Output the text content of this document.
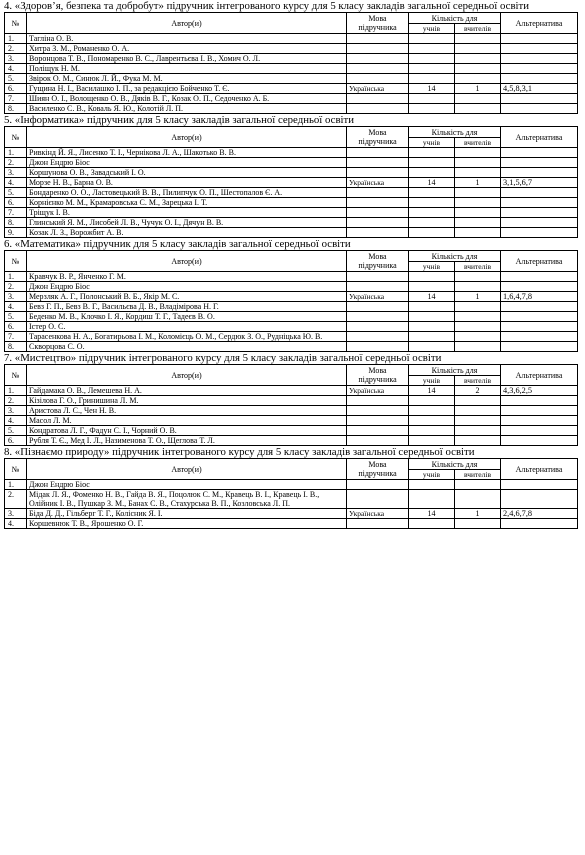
4. «Здоров’я, безпека та добробут» підручник інтегрованого курсу для 5 класу закладів загальної середньої освіти
№	Автор(и)	Мова підручника	Кількість для		Альтернатива
			учнів	вчителів	
1.	Тагліна О. В.				
2.	Хитра З. М., Романенко О. А.				
3.	Воронцова Т. В., Пономаренко В. С., Лаврентьєва І. В., Хомич О. Л.				
4.	Поліщук Н. М.				
5.	Звірок О. М., Синюк Л. Й., Фука М. М.				
6.	Гущина Н. І., Василашко І. П., за редакцією Бойченко Т. Є.	Українська	14	1	4,5,8,3,1
7.	Шиян О. І., Волощенко О. В., Дяків В. Г., Козак О. П., Седоченко А. Б.				
8.	Василенко С. В., Коваль Я. Ю., Колотій Л. П.				
5. «Інформатика» підручник для 5 класу закладів загальної середньої освіти
№	Автор(и)	Мова підручника	Кількість для		Альтернатива
			учнів	вчителів	
1.	Ривкінд Й. Я., Лисенко Т. І., Чернікова Л. А., Шакотько В. В.				
2.	Джон Ендрю Біос				
3.	Коршунова О. В., Завадський І. О.				
4.	Морзе Н. В., Барна О. В.	Українська	14	1	3,1,5,6,7
5.	Бондаренко О. О., Ластовецький В. В., Пилипчук О. П., Шестопалов Є. А.				
6.	Корнієнко М. М., Крамаровська С. М., Зарецька І. Т.				
7.	Тріщук І. В.				
8.	Глинський Я. М., Лисобей Л. В., Чучук О. І., Дячун В. В.				
9.	Козак Л. З., Ворожбит А. В.				
6. «Математика» підручник для 5 класу закладів загальної середньої освіти
№	Автор(и)	Мова підручника	Кількість для		Альтернатива
			учнів	вчителів	
1.	Кравчук В. Р., Янченко Г. М.				
2.	Джон Ендрю Біос				
3.	Мерзляк А. Г., Полонський В. Б., Якір М. С.	Українська	14	1	1,6,4,7,8
4.	Бевз Г. П., Бевз В. Г., Васильєва Д. В., Владімірова Н. Г.				
5.	Беденко М. В., Клочко І. Я., Кордиш Т. Г., Тадеєв В. О.				
6.	Істер О. С.				
7.	Тарасенкова Н. А., Богатирьова І. М., Коломієць О. М., Сердюк З. О., Рудніцька Ю. В.				
8.	Скворцова С. О.				
7. «Мистецтво» підручник інтегрованого курсу для 5 класу закладів загальної середньої освіти
№	Автор(и)	Мова підручника	Кількість для		Альтернатива
			учнів	вчителів	
1.	Гайдамака О. В., Лемешева Н. А.	Українська	14	2	4,3,6,2,5
2.	Кізілова Г. О., Гринишина Л. М.				
3.	Аристова Л. С., Чен Н. В.				
4.	Масол Л. М.				
5.	Кондратова Л. Г., Фадун С. І., Чорний О. В.				
6.	Рубля Т. Є., Мед І. Л., Назименова Т. О., Щеглова Т. Л.				
8. «Пізнаємо природу» підручник інтегрованого курсу для 5 класу закладів загальної середньої освіти
№	Автор(и)	Мова підручника	Кількість для		Альтернатива
			учнів	вчителів	
1.	Джон Ендрю Біос				
2.	Мідак Л. Я., Фоменко Н. В., Гайда В. Я., Поцолюк С. М., Кравець В. І., Кравець І. В., Олійник І. В., Пушкар З. М., Банах С. В., Стахурська В. П., Козловська Л. П.				
3.	Біда Д. Д., Гільберг Т. Г., Колісник Я. І.	Українська	14	1	2,4,6,7,8
4.	Коршевнюк Т. В., Ярошенко О. Г.				
